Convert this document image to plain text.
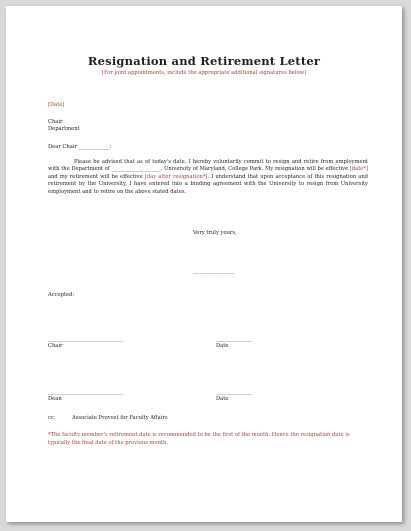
Resignation and Retirement Letter
[For joint appointments, include the appropriate additional signatures below]
[Date]
Chair
Department
Dear Chair ____________:
Please be advised that as of today's date, I hereby voluntarily commit to resign and retire from employment with the Department of ___________________, University of Maryland, College Park. My resignation will be effective [date*] and my retirement will be effective [day after resignation*]. I understand that upon acceptance of this resignation and retirement by the University, I have entered into a binding agreement with the University to resign from University employment and to retire on the above stated dates.
Very truly yours,
________________
Accepted:
_____________________________
Chair
______________
Date
_____________________________
Dean
______________
Date
cc:	Associate Provost for Faculty Affairs
*The faculty member's retirement date is recommended to be the first of the month. Hence the resignation date is typically the final date of the previous month.
